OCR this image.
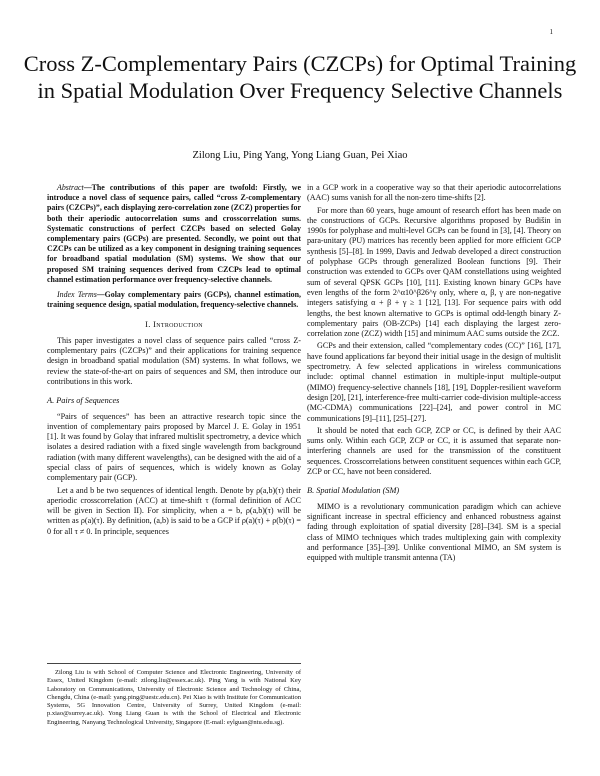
1
Cross Z-Complementary Pairs (CZCPs) for Optimal Training in Spatial Modulation Over Frequency Selective Channels
Zilong Liu, Ping Yang, Yong Liang Guan, Pei Xiao

Abstract—The contributions of this paper are twofold: Firstly, we introduce a novel class of sequence pairs, called “cross Z-complementary pairs (CZCPs)”, each displaying zero-correlation zone (ZCZ) properties for both their aperiodic autocorrelation sums and crosscorrelation sums. Systematic constructions of perfect CZCPs based on selected Golay complementary pairs (GCPs) are presented. Secondly, we point out that CZCPs can be utilized as a key component in designing training sequences for broadband spatial modulation (SM) systems. We show that our proposed SM training sequences derived from CZCPs lead to optimal channel estimation performance over frequency-selective channels.

Index Terms—Golay complementary pairs (GCPs), channel estimation, training sequence design, spatial modulation, frequency-selective channels.

I. Introduction

This paper investigates a novel class of sequence pairs called “cross Z-complementary pairs (CZCPs)” and their applications for training sequence design in broadband spatial modulation (SM) systems. In what follows, we review the state-of-the-art on pairs of sequences and SM, then introduce our contributions in this work.

A. Pairs of Sequences

“Pairs of sequences” has been an attractive research topic since the invention of complementary pairs proposed by Marcel J. E. Golay in 1951 [1]. It was found by Golay that infrared multislit spectrometry, a device which isolates a desired radiation with a fixed single wavelength from background radiation (with many different wavelengths), can be designed with the aid of a special class of pairs of sequences, which is widely known as Golay complementary pair (GCP).

Let a and b be two sequences of identical length. Denote by ρ(a,b)(τ) their aperiodic crosscorrelation (ACC) at time-shift τ (formal definition of ACC will be given in Section II). For simplicity, when a = b, ρ(a,b)(τ) will be written as ρ(a)(τ). By definition, (a,b) is said to be a GCP if ρ(a)(τ) + ρ(b)(τ) = 0 for all τ ≠ 0. In principle, sequences

Zilong Liu is with School of Computer Science and Electronic Engineering, University of Essex, United Kingdom (e-mail: zilong.liu@essex.ac.uk). Ping Yang is with National Key Laboratory on Communications, University of Electronic Science and Technology of China, Chengdu, China (e-mail: yang.ping@uestc.edu.cn). Pei Xiao is with Institute for Communication Systems, 5G Innovation Centre, University of Surrey, United Kingdom (e-mail: p.xiao@surrey.ac.uk). Yong Liang Guan is with the School of Electrical and Electronic Engineering, Nanyang Technological University, Singapore (E-mail: eylguan@ntu.edu.sg).

in a GCP work in a cooperative way so that their aperiodic autocorrelations (AAC) sums vanish for all the non-zero time-shifts [2].

For more than 60 years, huge amount of research effort has been made on the constructions of GCPs. Recursive algorithms proposed by Budišin in 1990s for polyphase and multi-level GCPs can be found in [3], [4]. Theory on para-unitary (PU) matrices has recently been applied for more efficient GCP synthesis [5]–[8]. In 1999, Davis and Jedwab developed a direct construction of polyphase GCPs through generalized Boolean functions [9]. Their construction was extended to GCPs over QAM constellations using weighted sum of several QPSK GCPs [10], [11]. Existing known binary GCPs have even lengths of the form 2^α10^β26^γ only, where α, β, γ are non-negative integers satisfying α + β + γ ≥ 1 [12], [13]. For sequence pairs with odd lengths, the best known alternative to GCPs is optimal odd-length binary Z-complementary pairs (OB-ZCPs) [14] each displaying the largest zero-correlation zone (ZCZ) width [15] and minimum AAC sums outside the ZCZ.

GCPs and their extension, called “complementary codes (CC)” [16], [17], have found applications far beyond their initial usage in the design of multislit spectrometry. A few selected applications in wireless communications include: optimal channel estimation in multiple-input multiple-output (MIMO) frequency-selective channels [18], [19], Doppler-resilient waveform design [20], [21], interference-free multi-carrier code-division multiple-access (MC-CDMA) communications [22]–[24], and power control in MC communications [9]–[11], [25]–[27].

It should be noted that each GCP, ZCP or CC, is defined by their AAC sums only. Within each GCP, ZCP or CC, it is assumed that separate non-interfering channels are used for the transmission of the constituent sequences. Crosscorrelations between constituent sequences within each GCP, ZCP or CC, have not been considered.

B. Spatial Modulation (SM)

MIMO is a revolutionary communication paradigm which can achieve significant increase in spectral efficiency and enhanced robustness against fading through exploitation of spatial diversity [28]–[34]. SM is a special class of MIMO techniques which trades multiplexing gain with complexity and performance [35]–[39]. Unlike conventional MIMO, an SM system is equipped with multiple transmit antenna (TA)
